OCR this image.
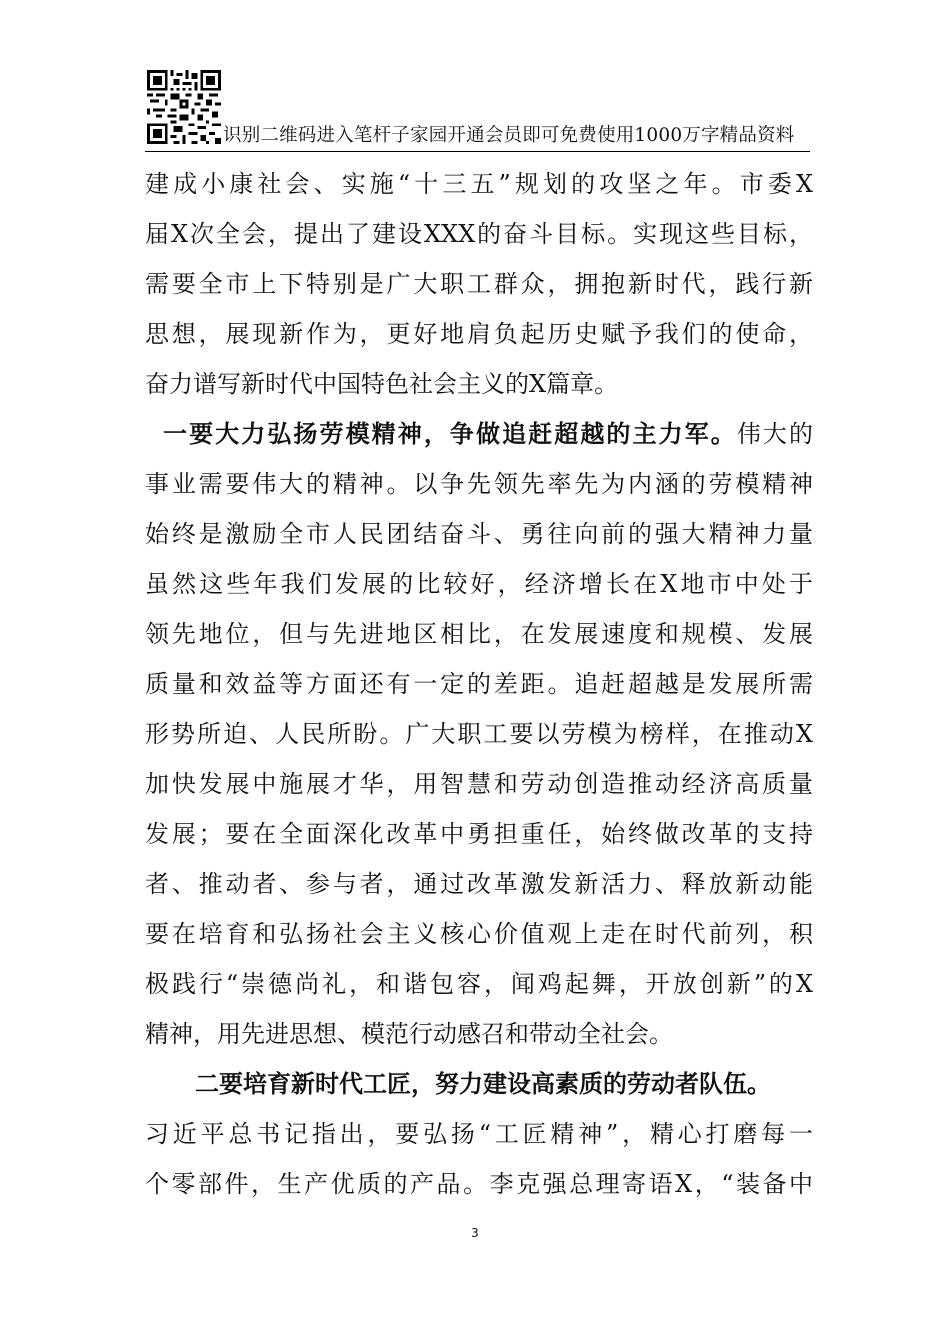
识别二维码进入笔杆子家园开通会员即可免费使用1000万字精品资料
建成小康社会、实施“十三五”规划的攻坚之年。市委X
届X次全会，提出了建设XXX的奋斗目标。实现这些目标，
需要全市上下特别是广大职工群众，拥抱新时代，践行新
思想，展现新作为，更好地肩负起历史赋予我们的使命，
奋力谱写新时代中国特色社会主义的X篇章。
一要大力弘扬劳模精神，争做追赶超越的主力军。伟大的
事业需要伟大的精神。以争先领先率先为内涵的劳模精神
始终是激励全市人民团结奋斗、勇往向前的强大精神力量
虽然这些年我们发展的比较好，经济增长在X地市中处于
领先地位，但与先进地区相比，在发展速度和规模、发展
质量和效益等方面还有一定的差距。追赶超越是发展所需
形势所迫、人民所盼。广大职工要以劳模为榜样，在推动X
加快发展中施展才华，用智慧和劳动创造推动经济高质量
发展；要在全面深化改革中勇担重任，始终做改革的支持
者、推动者、参与者，通过改革激发新活力、释放新动能
要在培育和弘扬社会主义核心价值观上走在时代前列，积
极践行“崇德尚礼，和谐包容，闻鸡起舞，开放创新”的X
精神，用先进思想、模范行动感召和带动全社会。
二要培育新时代工匠，努力建设高素质的劳动者队伍。
习近平总书记指出，要弘扬“工匠精神”，精心打磨每一
个零部件，生产优质的产品。李克强总理寄语X，“装备中
3
